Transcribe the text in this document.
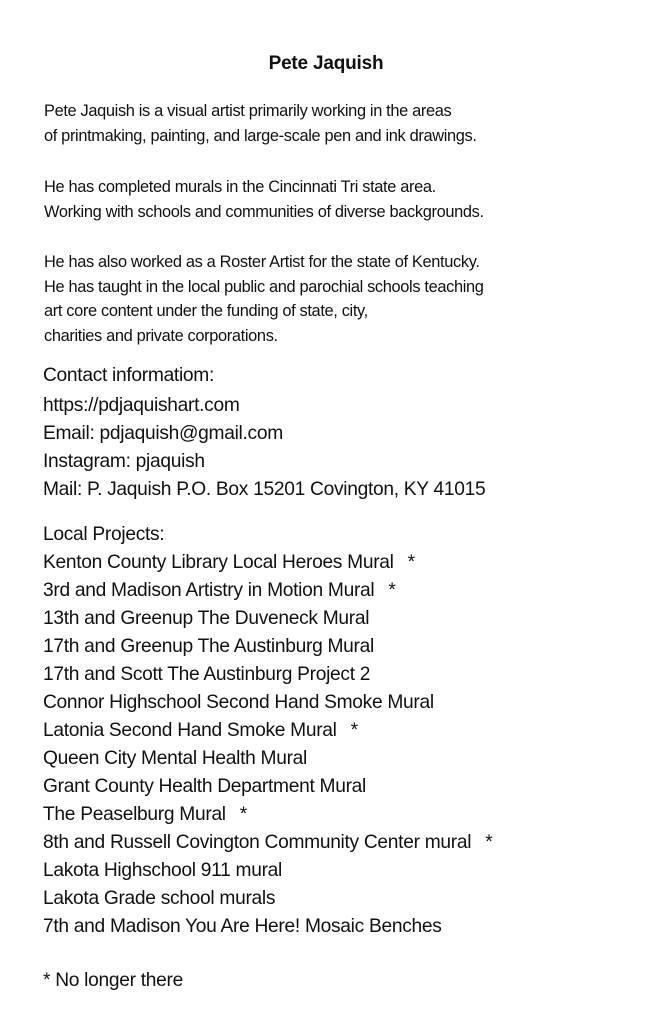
Pete Jaquish

Pete Jaquish is a visual artist primarily working in the areas

of printmaking, painting, and large-scale pen and ink drawings.

He has completed murals in the Cincinnati Tri state area.

Working with schools and communities of diverse backgrounds.

He has also worked as a Roster Artist for the state of Kentucky.

He has taught in the local public and parochial schools teaching

art core content under the funding of state, city,

charities and private corporations.

Contact informatiom:

https://pdjaquishart.com

Email: pdjaquish@gmail.com

Instagram: pjaquish

Mail: P. Jaquish P.O. Box 15201 Covington, KY 41015

Local Projects:

Kenton County Library Local Heroes Mural *

3rd and Madison Artistry in Motion Mural *

13th and Greenup The Duveneck Mural

17th and Greenup The Austinburg Mural

17th and Scott The Austinburg Project 2

Connor Highschool Second Hand Smoke Mural

Latonia Second Hand Smoke Mural *

Queen City Mental Health Mural

Grant County Health Department Mural

The Peaselburg Mural *

8th and Russell Covington Community Center mural *

Lakota Highschool 911 mural

Lakota Grade school murals

7th and Madison You Are Here! Mosaic Benches

* No longer there
